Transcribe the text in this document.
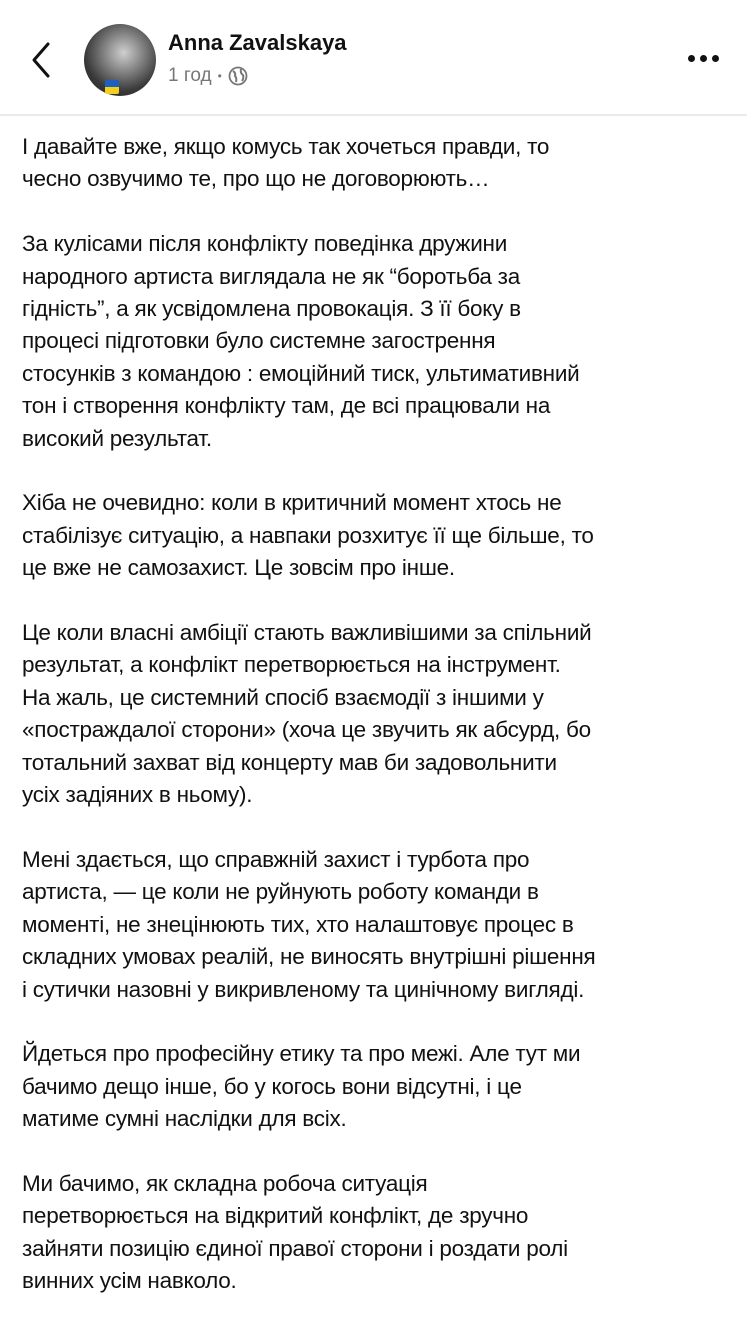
Anna Zavalskaya
1 год •
І давайте вже, якщо комусь так хочеться правди, то
чесно озвучимо те, про що не договорюють…
За кулісами після конфлікту поведінка дружини
народного артиста виглядала не як “боротьба за
гідність”, а як усвідомлена провокація. З її боку в
процесі підготовки було системне загострення
стосунків з командою : емоційний тиск, ультимативний
тон і створення конфлікту там, де всі працювали на
високий результат.
Хіба не очевидно: коли в критичний момент хтось не
стабілізує ситуацію, а навпаки розхитує її ще більше, то
це вже не самозахист. Це зовсім про інше.
Це коли власні амбіції стають важливішими за спільний
результат, а конфлікт перетворюється на інструмент.
На жаль, це системний спосіб взаємодії з іншими у
«постраждалої сторони» (хоча це звучить як абсурд, бо
тотальний захват від концерту мав би задовольнити
усіх задіяних в ньому).
Мені здається, що справжній захист і турбота про
артиста, — це коли не руйнують роботу команди в
моменті, не знецінюють тих, хто налаштовує процес в
складних умовах реалій, не виносять внутрішні рішення
і сутички назовні у викривленому та цинічному вигляді.
Йдеться про професійну етику та про межі. Але тут ми
бачимо дещо інше, бо у когось вони відсутні, і це
матиме сумні наслідки для всіх.
Ми бачимо, як складна робоча ситуація
перетворюється на відкритий конфлікт, де зручно
зайняти позицію єдиної правої сторони і роздати ролі
винних усім навколо.
